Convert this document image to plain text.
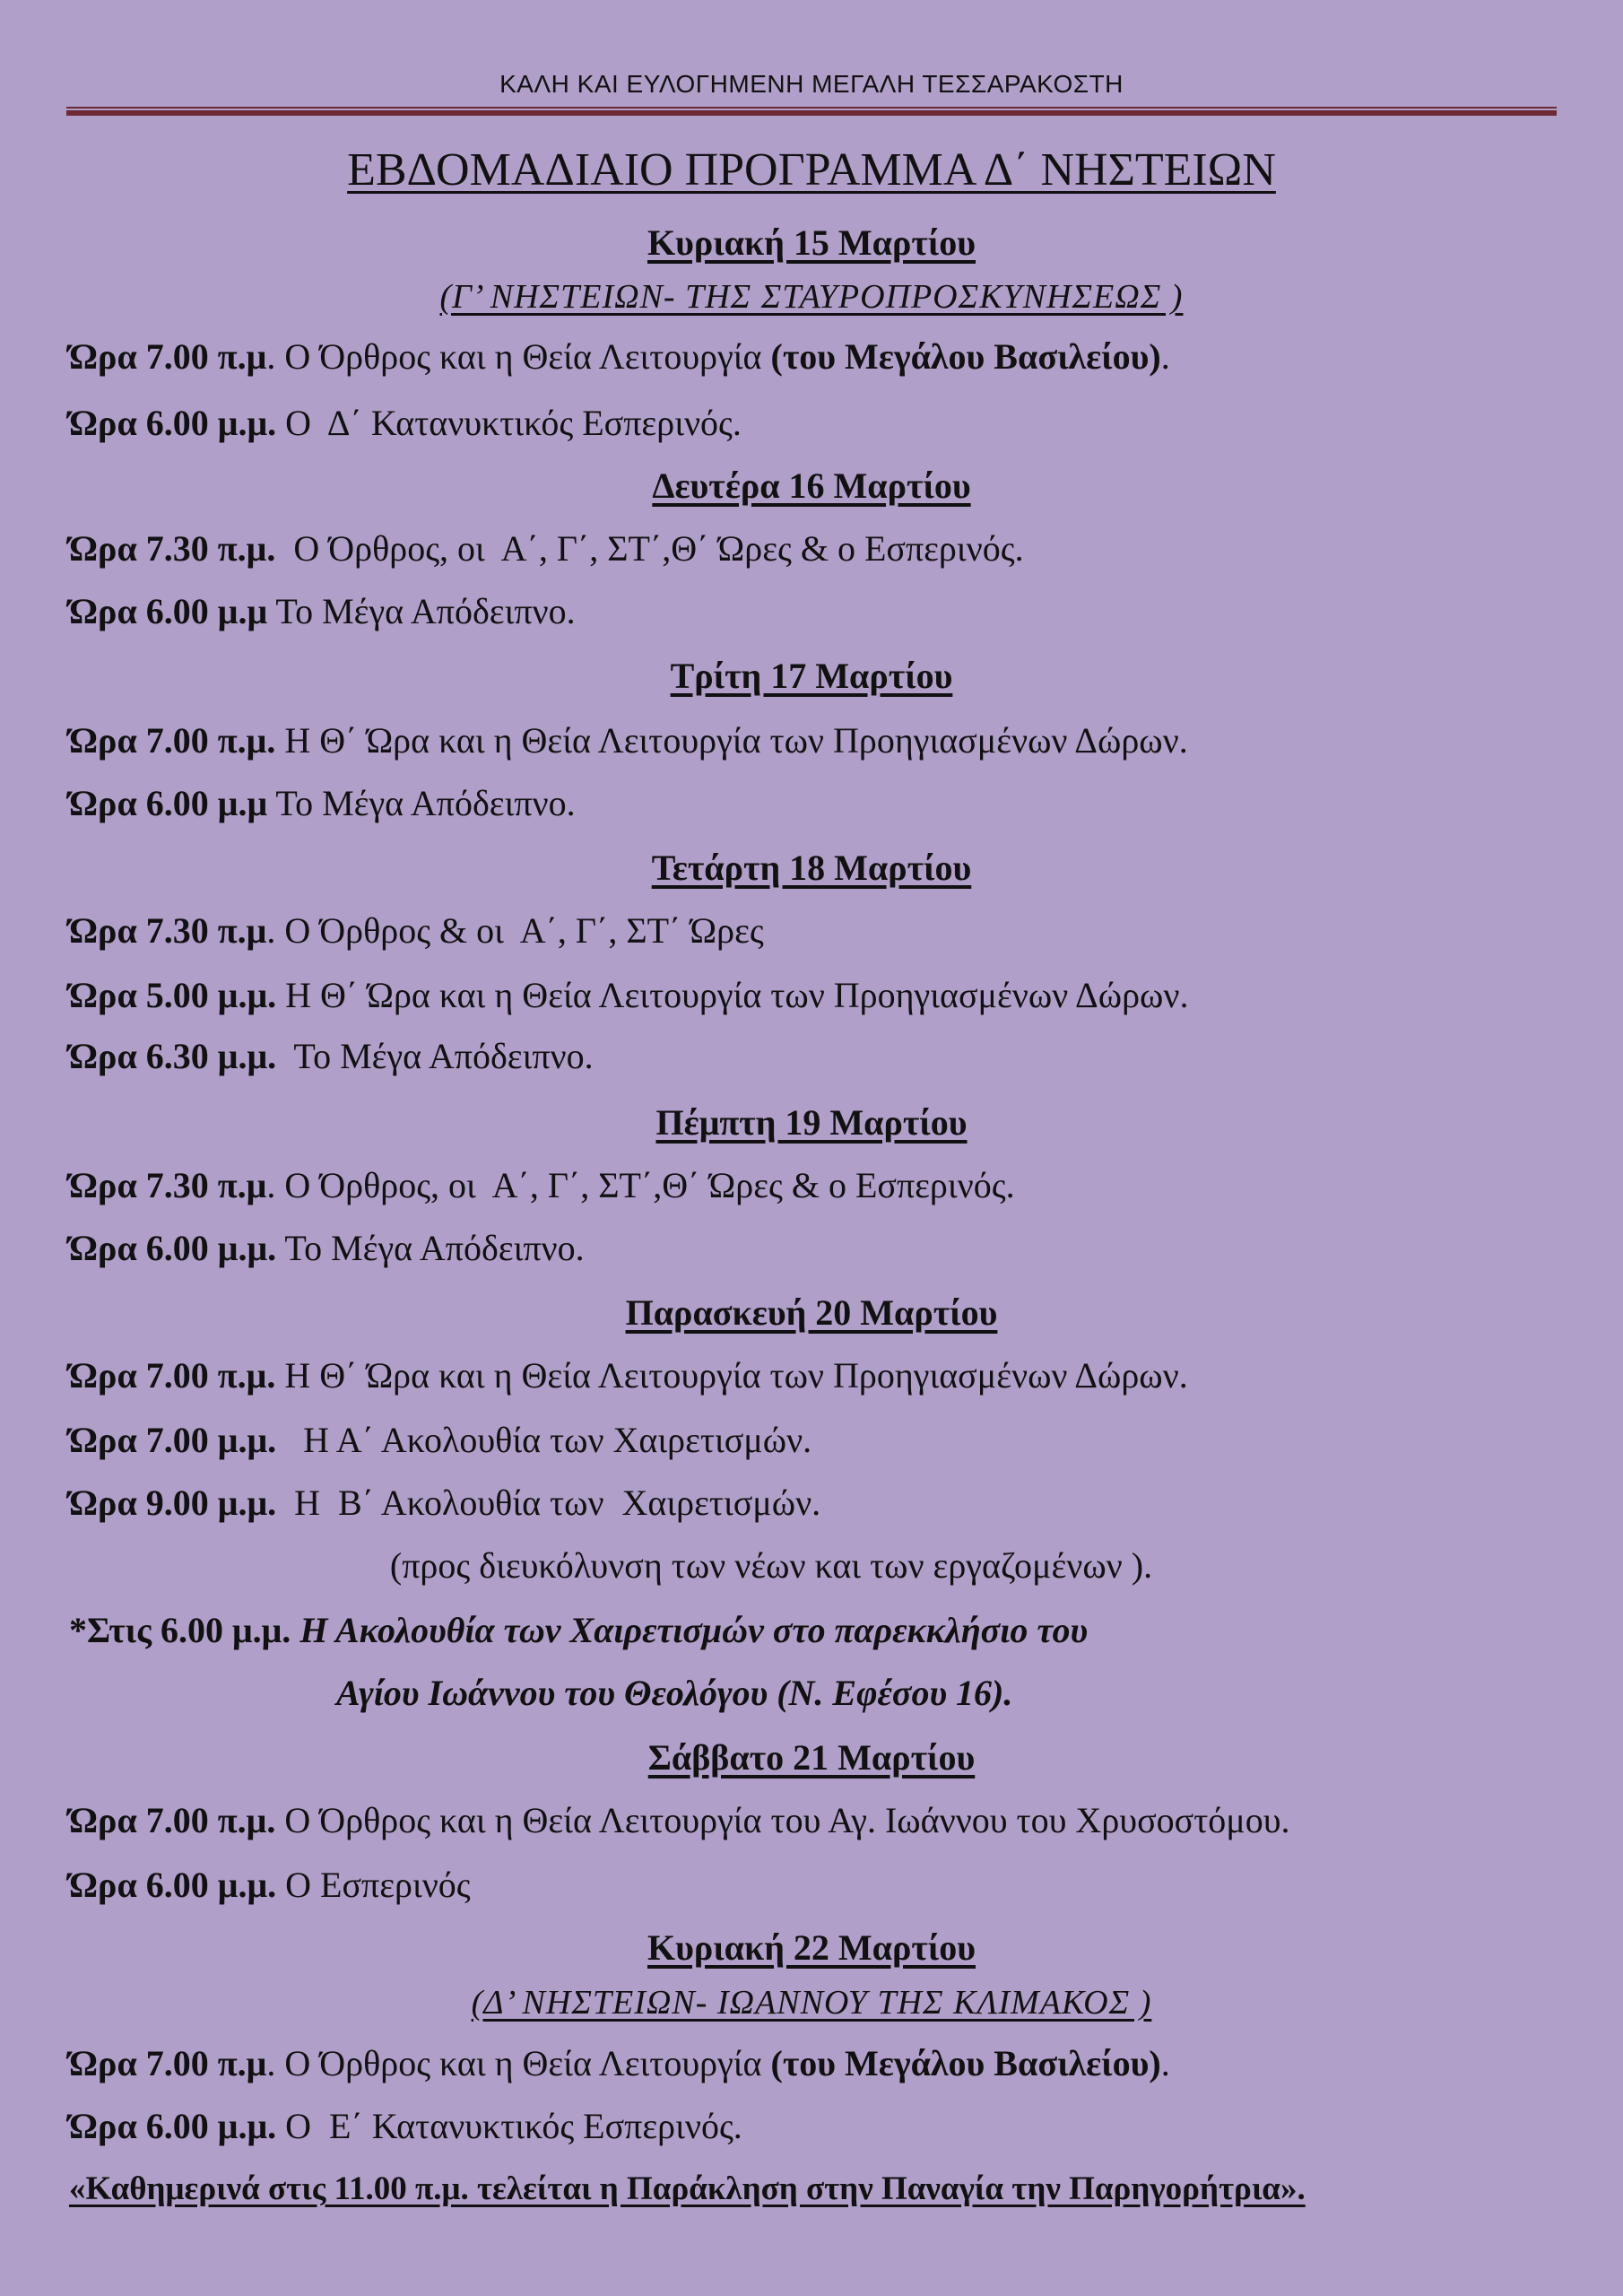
ΚΑΛΗ ΚΑΙ ΕΥΛΟΓΗΜΕΝΗ ΜΕΓΑΛΗ ΤΕΣΣΑΡΑΚΟΣΤΗ
ΕΒΔΟΜΑΔΙΑΙΟ ΠΡΟΓΡΑΜΜΑ Δ΄ ΝΗΣΤΕΙΩΝ
Κυριακή 15 Μαρτίου
(Γ’ ΝΗΣΤΕΙΩΝ- ΤΗΣ ΣΤΑΥΡΟΠΡΟΣΚΥΝΗΣΕΩΣ )
Ώρα 7.00 π.μ. Ο Όρθρος και η Θεία Λειτουργία (του Μεγάλου Βασιλείου).
Ώρα 6.00 μ.μ. Ο  Δ΄ Κατανυκτικός Εσπερινός.
Δευτέρα 16 Μαρτίου
Ώρα 7.30 π.μ.  Ο Όρθρος, οι  Α΄, Γ΄, ΣΤ΄,Θ΄ Ώρες & ο Εσπερινός.
Ώρα 6.00 μ.μ Το Μέγα Απόδειπνο.
Τρίτη 17 Μαρτίου
Ώρα 7.00 π.μ. Η Θ΄ Ώρα και η Θεία Λειτουργία των Προηγιασμένων Δώρων.
Ώρα 6.00 μ.μ Το Μέγα Απόδειπνο.
Τετάρτη 18 Μαρτίου
Ώρα 7.30 π.μ. Ο Όρθρος & οι  Α΄, Γ΄, ΣΤ΄ Ώρες
Ώρα 5.00 μ.μ. Η Θ΄ Ώρα και η Θεία Λειτουργία των Προηγιασμένων Δώρων.
Ώρα 6.30 μ.μ.  Το Μέγα Απόδειπνο.
Πέμπτη 19 Μαρτίου
Ώρα 7.30 π.μ. Ο Όρθρος, οι  Α΄, Γ΄, ΣΤ΄,Θ΄ Ώρες & ο Εσπερινός.
Ώρα 6.00 μ.μ. Το Μέγα Απόδειπνο.
Παρασκευή 20 Μαρτίου
Ώρα 7.00 π.μ. Η Θ΄ Ώρα και η Θεία Λειτουργία των Προηγιασμένων Δώρων.
Ώρα 7.00 μ.μ.   Η Α΄ Ακολουθία των Χαιρετισμών.
Ώρα 9.00 μ.μ.  Η  Β΄ Ακολουθία των  Χαιρετισμών.
(προς διευκόλυνση των νέων και των εργαζομένων ).
*Στις 6.00 μ.μ. Η Ακολουθία των Χαιρετισμών στο παρεκκλήσιο του
Αγίου Ιωάννου του Θεολόγου (Ν. Εφέσου 16).
Σάββατο 21 Μαρτίου
Ώρα 7.00 π.μ. Ο Όρθρος και η Θεία Λειτουργία του Αγ. Ιωάννου του Χρυσοστόμου.
Ώρα 6.00 μ.μ. Ο Εσπερινός
Κυριακή 22 Μαρτίου
(Δ’ ΝΗΣΤΕΙΩΝ- ΙΩΑΝΝΟΥ ΤΗΣ ΚΛΙΜΑΚΟΣ )
Ώρα 7.00 π.μ. Ο Όρθρος και η Θεία Λειτουργία (του Μεγάλου Βασιλείου).
Ώρα 6.00 μ.μ. Ο  Ε΄ Κατανυκτικός Εσπερινός.
«Καθημερινά στις 11.00 π.μ. τελείται η Παράκληση στην Παναγία την Παρηγορήτρια».
